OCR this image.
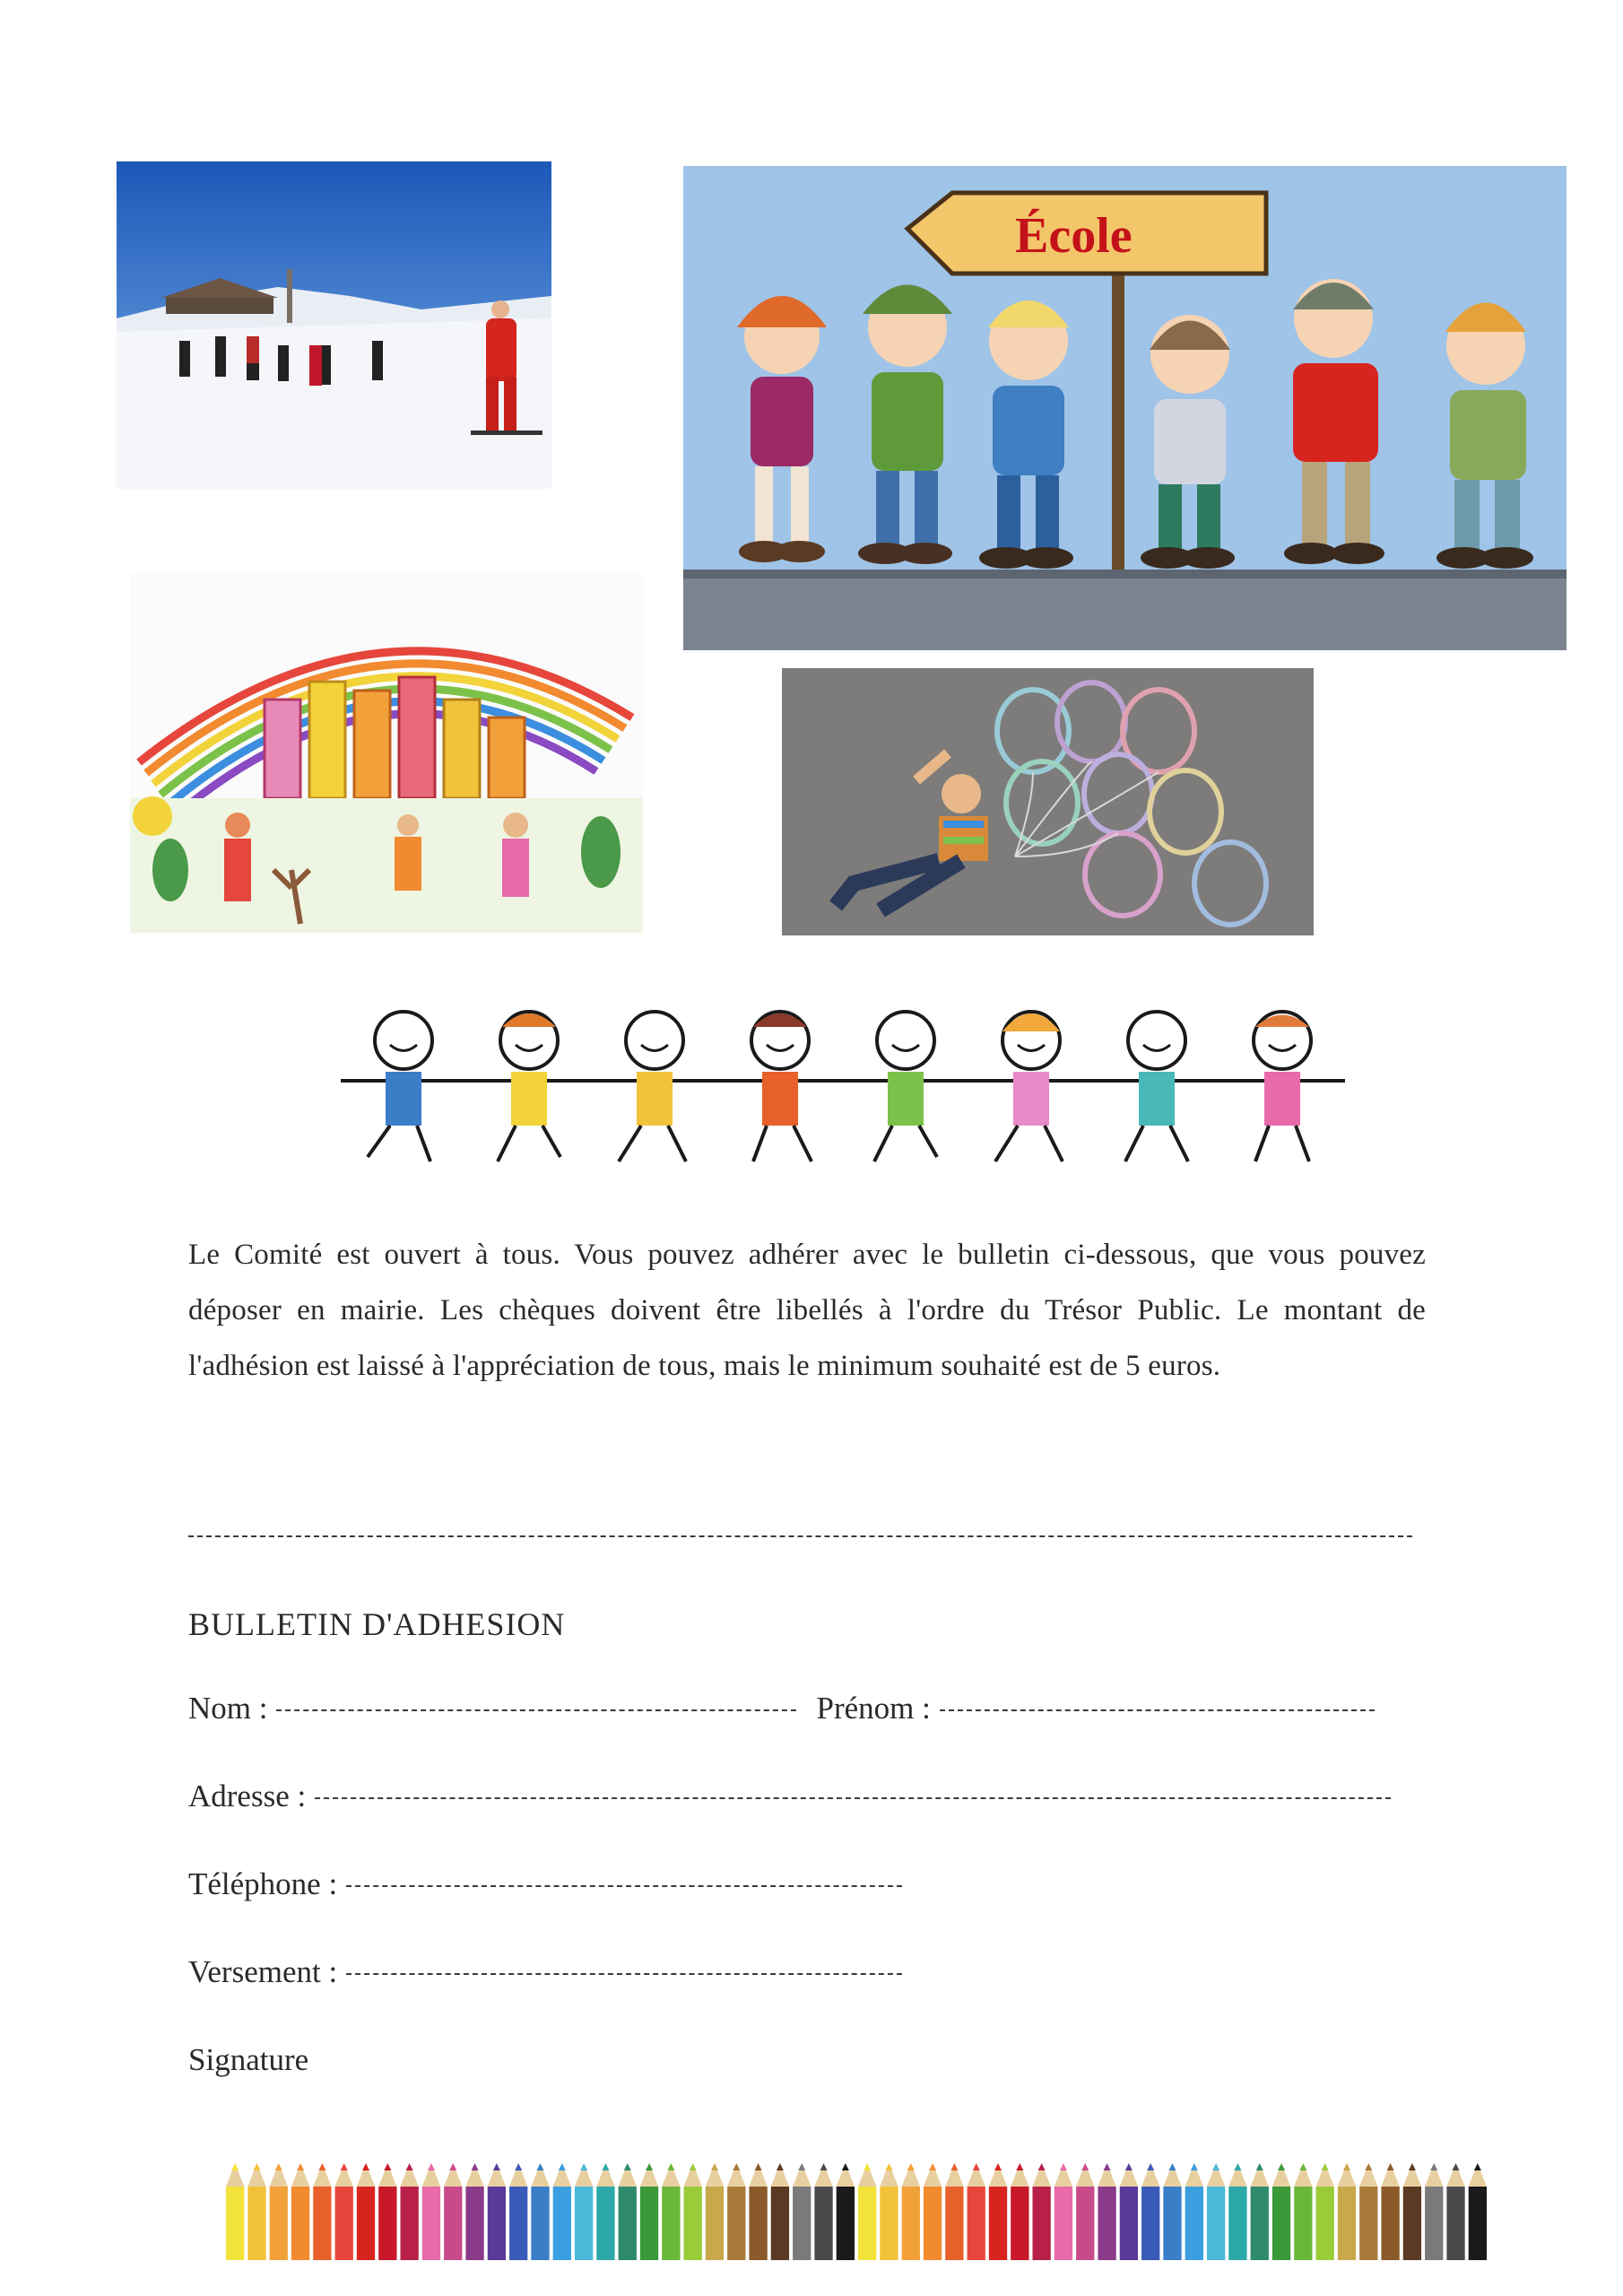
École
Le Comité est ouvert à tous. Vous pouvez adhérer avec le bulletin ci-dessous, que vous pouvez déposer en mairie. Les chèques doivent être libellés à l'ordre du Trésor Public. Le montant de l'adhésion est laissé à l'appréciation de tous, mais le minimum souhaité est de 5 euros.
BULLETIN D'ADHESION
Nom :	Prénom :
Adresse :
Téléphone :
Versement :
Signature
